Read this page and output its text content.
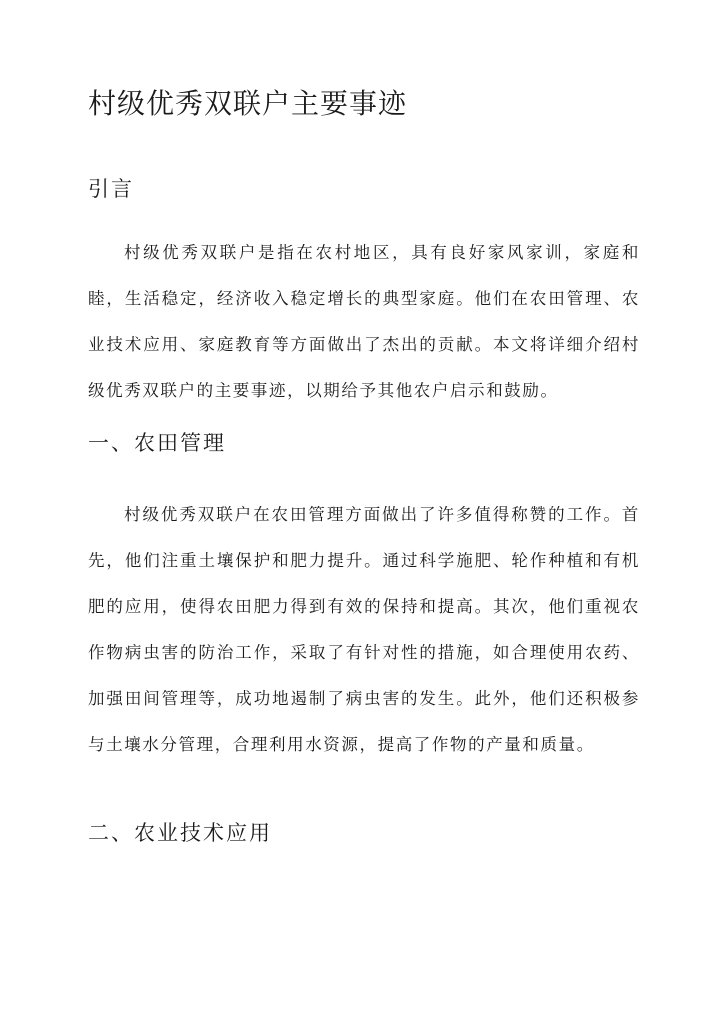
村级优秀双联户主要事迹
引言

村级优秀双联户是指在农村地区，具有良好家风家训，家庭和睦，生活稳定，经济收入稳定增长的典型家庭。他们在农田管理、农业技术应用、家庭教育等方面做出了杰出的贡献。本文将详细介绍村级优秀双联户的主要事迹，以期给予其他农户启示和鼓励。

一、农田管理

村级优秀双联户在农田管理方面做出了许多值得称赞的工作。首先，他们注重土壤保护和肥力提升。通过科学施肥、轮作种植和有机肥的应用，使得农田肥力得到有效的保持和提高。其次，他们重视农作物病虫害的防治工作，采取了有针对性的措施，如合理使用农药、加强田间管理等，成功地遏制了病虫害的发生。此外，他们还积极参与土壤水分管理，合理利用水资源，提高了作物的产量和质量。

二、农业技术应用
